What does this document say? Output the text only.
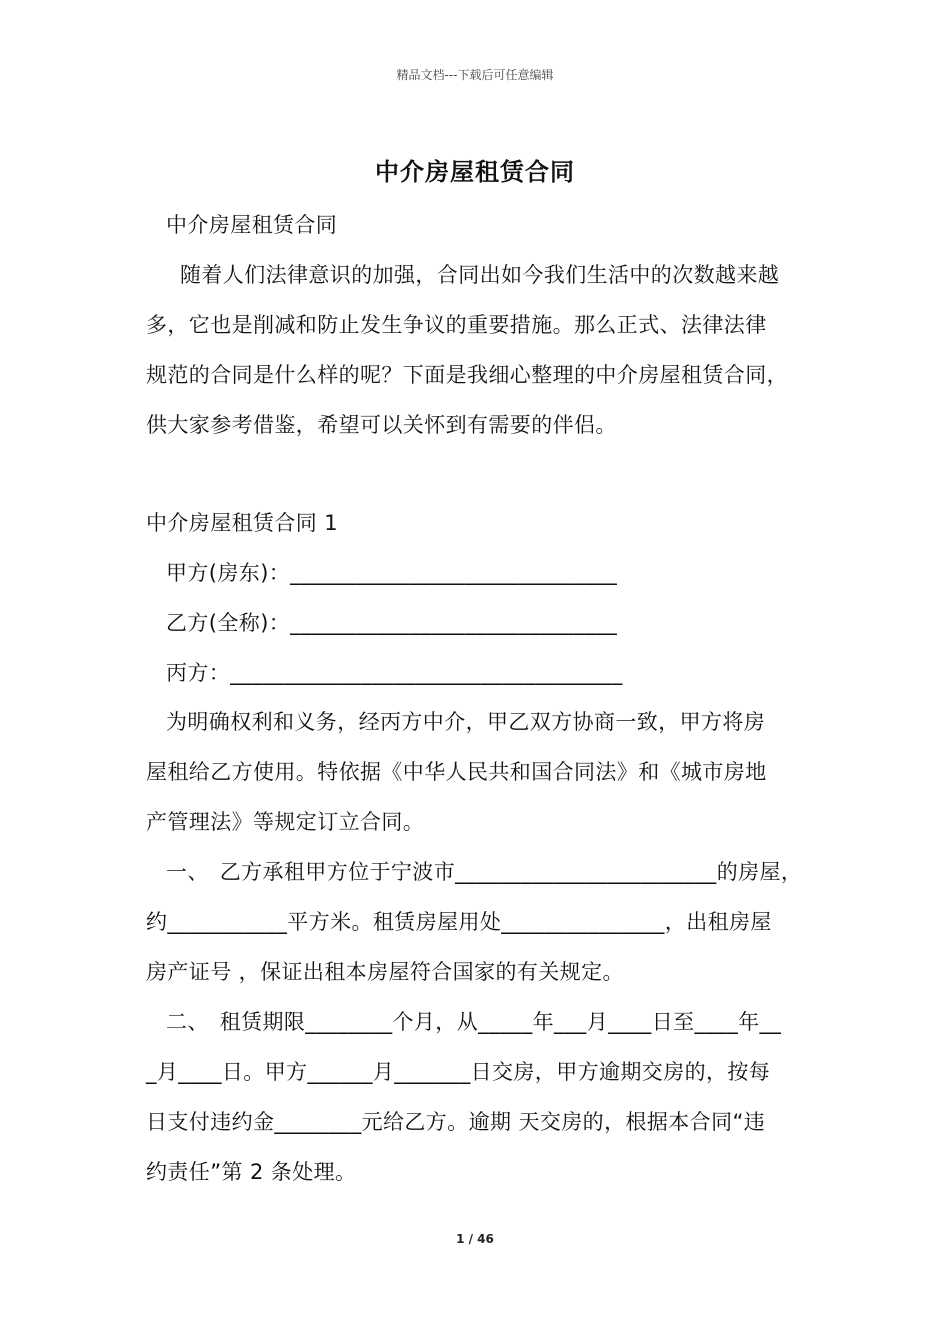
精品文档---下载后可任意编辑
中介房屋租赁合同
中介房屋租赁合同
随着人们法律意识的加强，合同出如今我们生活中的次数越来越
多，它也是削减和防止发生争议的重要措施。那么正式、法律法律
规范的合同是什么样的呢？下面是我细心整理的中介房屋租赁合同，
供大家参考借鉴，希望可以关怀到有需要的伴侣。
中介房屋租赁合同 1
甲方(房东)：______________________________
乙方(全称)：______________________________
丙方：____________________________________
为明确权利和义务，经丙方中介，甲乙双方协商一致，甲方将房
屋租给乙方使用。特依据《中华人民共和国合同法》和《城市房地
产管理法》等规定订立合同。
一、　乙方承租甲方位于宁波市________________________的房屋，
约___________平方米。租赁房屋用处_______________，出租房屋
房产证号 ，保证出租本房屋符合国家的有关规定。
二、　租赁期限________个月，从_____年___月____日至____年__
_月____日。甲方______月_______日交房，甲方逾期交房的，按每
日支付违约金________元给乙方。逾期 天交房的，根据本合同“违
约责任”第 2 条处理。
1 / 46
